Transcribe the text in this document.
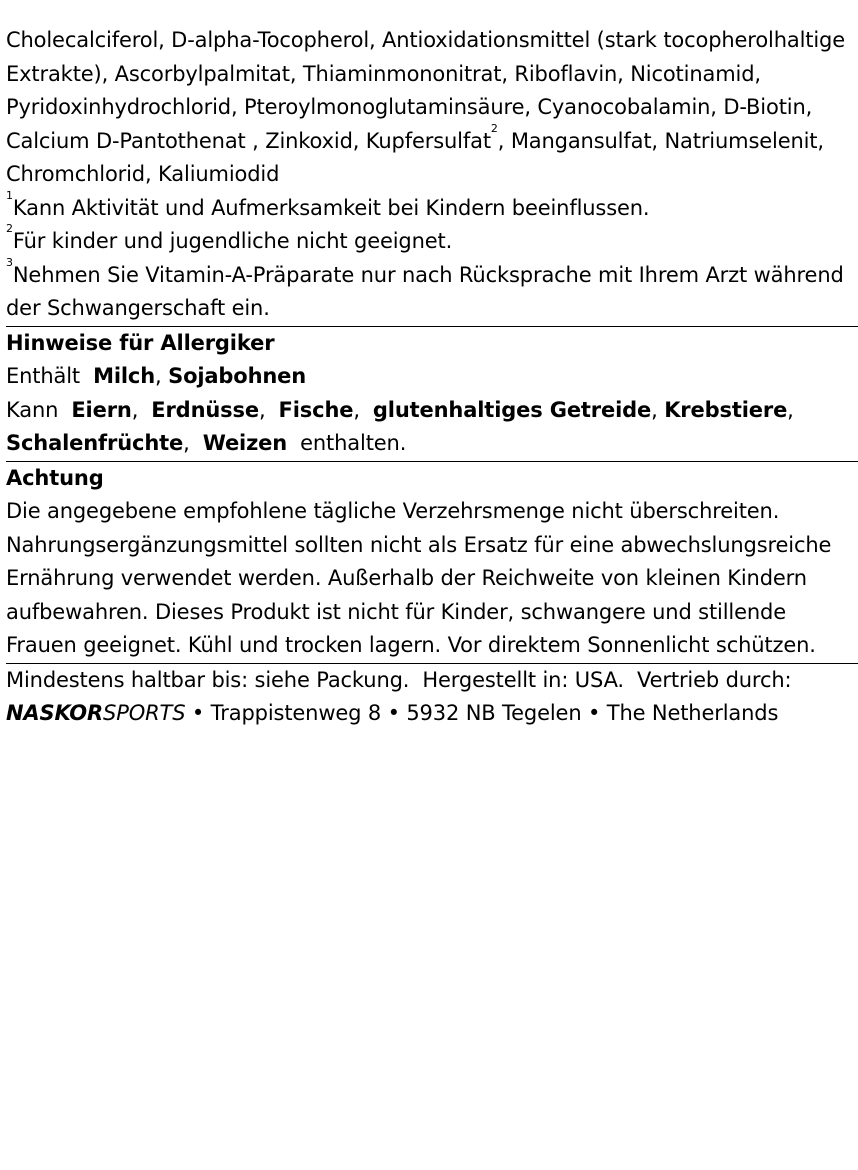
Cholecalciferol, D-alpha-Tocopherol, Antioxidationsmittel (stark tocopherolhaltige Extrakte), Ascorbylpalmitat, Thiaminmononitrat, Riboflavin, Nicotinamid, Pyridoxinhydrochlorid, Pteroylmonoglutaminsäure, Cyanocobalamin, D-Biotin, Calcium D-Pantothenat , Zinkoxid, Kupfersulfat$^2$, Mangansulfat, Natriumselenit, Chromchlorid, Kaliumiodid
$^1$Kann Aktivität und Aufmerksamkeit bei Kindern beeinflussen.
$^2$Für kinder und jugendliche nicht geeignet.
$^3$Nehmen Sie Vitamin-A-Präparate nur nach Rücksprache mit Ihrem Arzt während der Schwangerschaft ein.
Hinweise für Allergiker
Enthält Milch, Sojabohnen
Kann Eiern,  Erdnüsse,  Fische,  glutenhaltiges Getreide, Krebstiere,  Schalenfrüchte,  Weizen enthalten.
Achtung
Die angegebene empfohlene tägliche Verzehrsmenge nicht überschreiten. Nahrungsergänzungsmittel sollten nicht als Ersatz für eine abwechslungsreiche Ernährung verwendet werden. Außerhalb der Reichweite von kleinen Kindern aufbewahren. Dieses Produkt ist nicht für Kinder, schwangere und stillende Frauen geeignet. Kühl und trocken lagern. Vor direktem Sonnenlicht schützen.
Mindestens haltbar bis: siehe Packung. Hergestellt in: USA. Vertrieb durch: NASKORSPORTS • Trappistenweg 8 • 5932 NB Tegelen • The Netherlands
